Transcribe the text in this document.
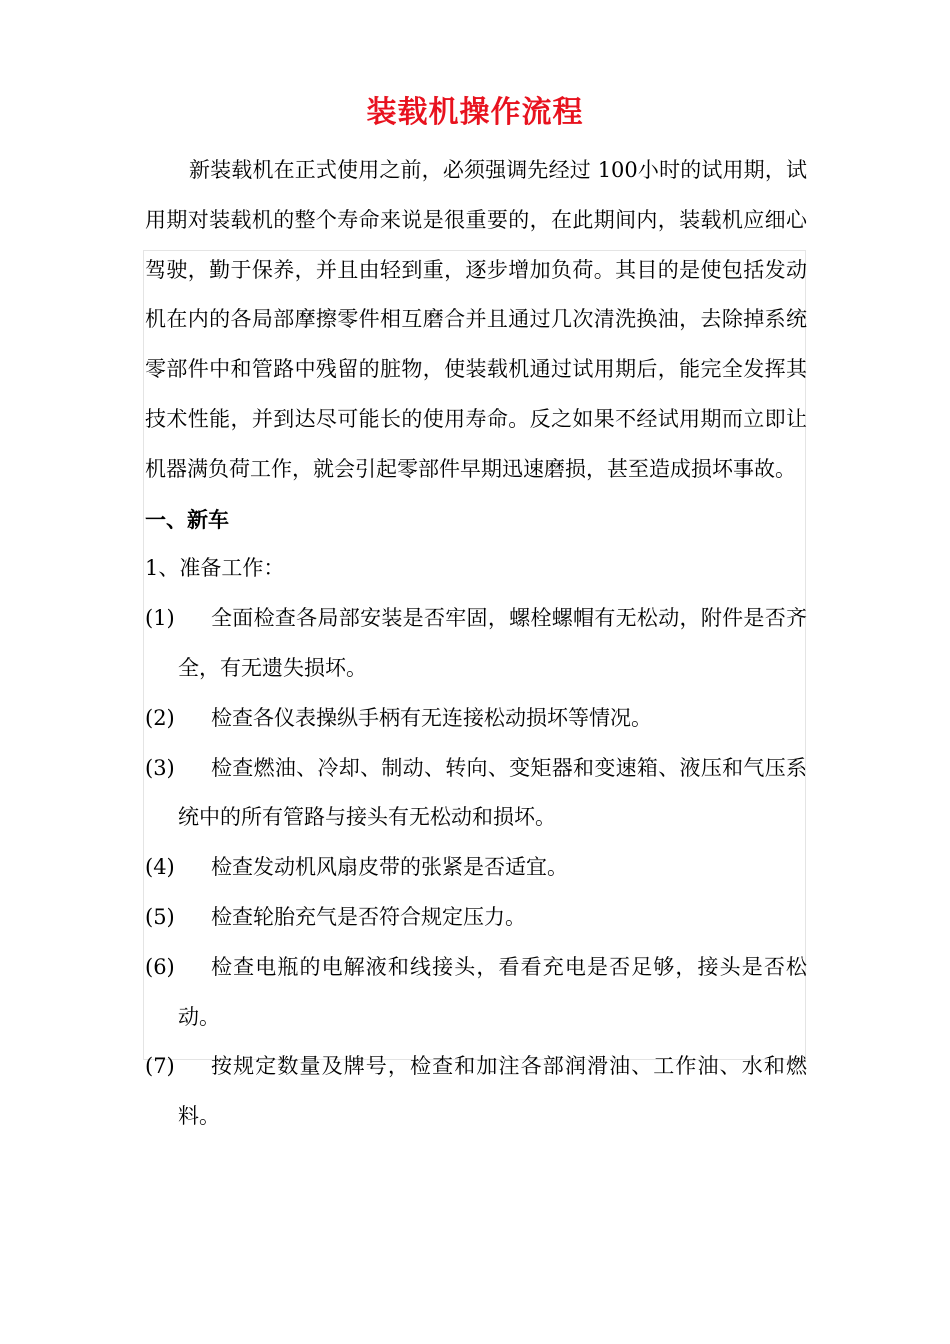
装载机操作流程

新装载机在正式使用之前，必须强调先经过 100小时的试用期，试用期对装载机的整个寿命来说是很重要的，在此期间内，装载机应细心驾驶，勤于保养，并且由轻到重，逐步增加负荷。其目的是使包括发动机在内的各局部摩擦零件相互磨合并且通过几次清洗换油，去除掉系统零部件中和管路中残留的脏物，使装载机通过试用期后，能完全发挥其技术性能，并到达尽可能长的使用寿命。反之如果不经试用期而立即让机器满负荷工作，就会引起零部件早期迅速磨损，甚至造成损坏事故。

一、新车

1、准备工作：

(1)	全面检查各局部安装是否牢固，螺栓螺帽有无松动，附件是否齐全，有无遗失损坏。
(2)	检查各仪表操纵手柄有无连接松动损坏等情况。
(3)	检查燃油、冷却、制动、转向、变矩器和变速箱、液压和气压系统中的所有管路与接头有无松动和损坏。
(4)	检查发动机风扇皮带的张紧是否适宜。
(5)	检查轮胎充气是否符合规定压力。
(6)	检查电瓶的电解液和线接头，看看充电是否足够，接头是否松动。
(7)	按规定数量及牌号，检查和加注各部润滑油、工作油、水和燃料。
